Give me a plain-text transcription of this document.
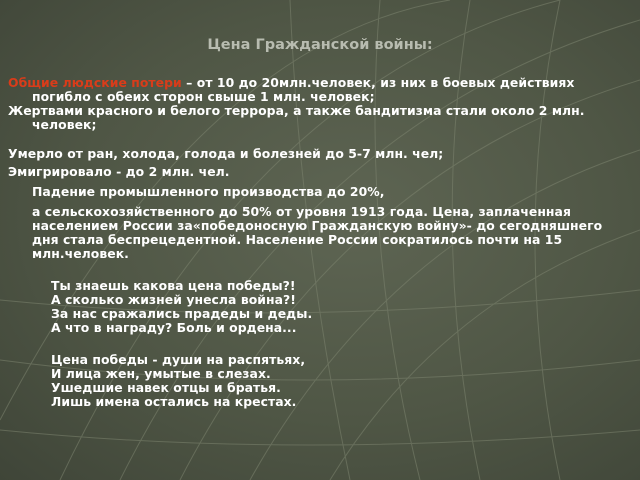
Цена Гражданской войны:

Общие людские потери – от 10 до 20млн.человек, из них в боевых действиях погибло с обеих сторон свыше 1 млн. человек;

Жертвами красного и белого террора, а также бандитизма стали около 2 млн. человек;

Умерло от ран, холода, голода и болезней до 5-7 млн. чел;

Эмигрировало - до 2 млн. чел.

Падение промышленного производства до 20%,

а сельскохозяйственного до 50% от уровня 1913 года. Цена, заплаченная населением России за«победоносную Гражданскую войну»- до сегодняшнего дня стала беспрецедентной. Население России сократилось почти на 15 млн.человек.

Ты знаешь какова цена победы?!
А сколько жизней унесла война?!
За нас сражались прадеды и деды.
А что в награду? Боль и ордена...
Цена победы - души на распятьях,
И лица жен, умытые в слезах.
Ушедшие навек отцы и братья.
Лишь имена остались на крестах.
